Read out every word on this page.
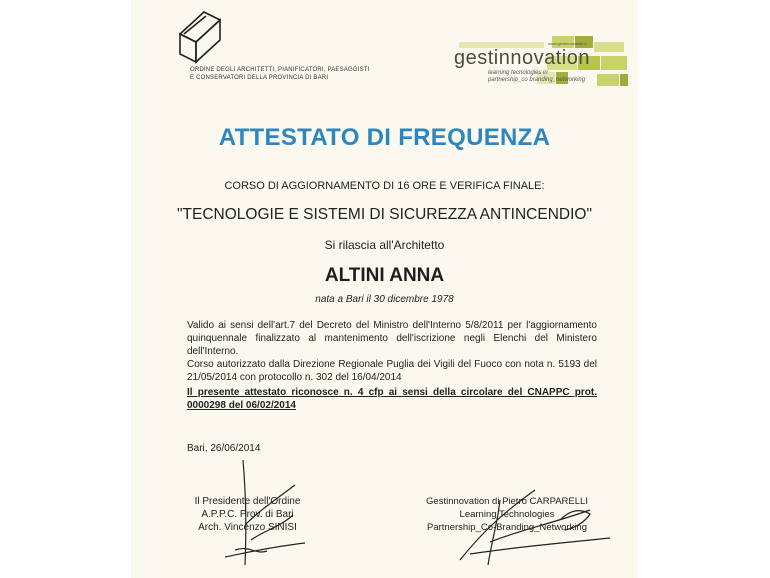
ORDINE DEGLI ARCHITETTI, PIANIFICATORI, PAESAGGISTI
E CONSERVATORI DELLA PROVINCIA DI BARI
www.gestinnovation.it
gestinnovation
learning tecnologies in
partnership_co branding_networking
ATTESTATO DI FREQUENZA
CORSO DI AGGIORNAMENTO DI 16 ORE E VERIFICA FINALE:
"TECNOLOGIE E SISTEMI DI SICUREZZA ANTINCENDIO"
Si rilascia all'Architetto
ALTINI ANNA
nata a Bari il 30 dicembre 1978
Valido ai sensi dell'art.7 del Decreto del Ministro dell'Interno 5/8/2011 per l'aggiornamento quinquennale finalizzato al mantenimento dell'iscrizione negli Elenchi del Ministero dell'Interno.
Corso autorizzato dalla Direzione Regionale Puglia dei Vigili del Fuoco con nota n. 5193 del 21/05/2014 con protocollo n. 302 del 16/04/2014
Il presente attestato riconosce n. 4 cfp ai sensi della circolare del CNAPPC prot. 0000298 del 06/02/2014
Bari, 26/06/2014
Il Presidente dell'Ordine
A.P.P.C. Prov. di Bari
Arch. Vincenzo SINISI
Gestinnovation di Pietro CARPARELLI
Learning Technologies
Partnership_Co-Branding_Networking
